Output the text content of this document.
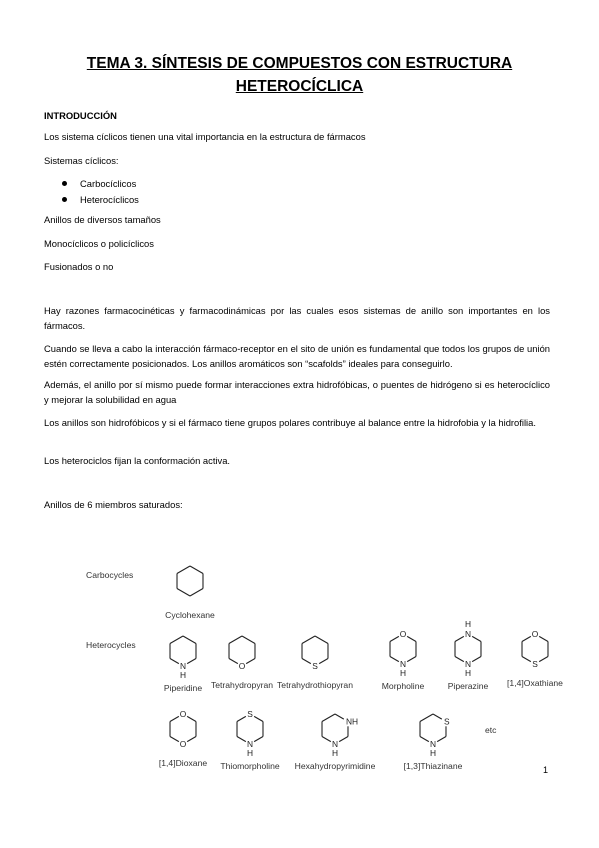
TEMA 3. SÍNTESIS DE COMPUESTOS CON ESTRUCTURA
HETEROCÍCLICA

INTRODUCCIÓN

Los sistema cíclicos tienen una vital importancia en la estructura de fármacos

Sistemas cíclicos:

Carbocíclicos
Heterocíclicos

Anillos de diversos tamaños

Monocíclicos o policíclicos

Fusionados o no

Hay razones farmacocinéticas y farmacodinámicas por las cuales esos sistemas de anillo son importantes en los fármacos.

Cuando se lleva a cabo la interacción fármaco-receptor en el sito de unión es fundamental que todos los grupos de unión estén correctamente posicionados. Los anillos aromáticos son “scafolds” ideales para conseguirlo.

Además, el anillo por sí mismo puede formar interacciones extra hidrofóbicas, o puentes de hidrógeno si es heterocíclico y mejorar la solubilidad en agua

Los anillos son hidrofóbicos y si el fármaco tiene grupos polares contribuye al balance entre la hidrofobia y la hidrofilia.

Los heterociclos fijan la conformación activa.

Anillos de 6 miembros saturados:

Carbocycles
Heterocycles
Cyclohexane
N
H
Piperidine
O
Tetrahydropyran
S
Tetrahydrothiopyran
O
N
H
Morpholine
H
N
N
H
Piperazine
O
S
[1,4]Oxathiane
O
O
[1,4]Dioxane
S
N
H
Thiomorpholine
N
H
NH
Hexahydropyrimidine
N
H
S
[1,3]Thiazinane
etc
1
